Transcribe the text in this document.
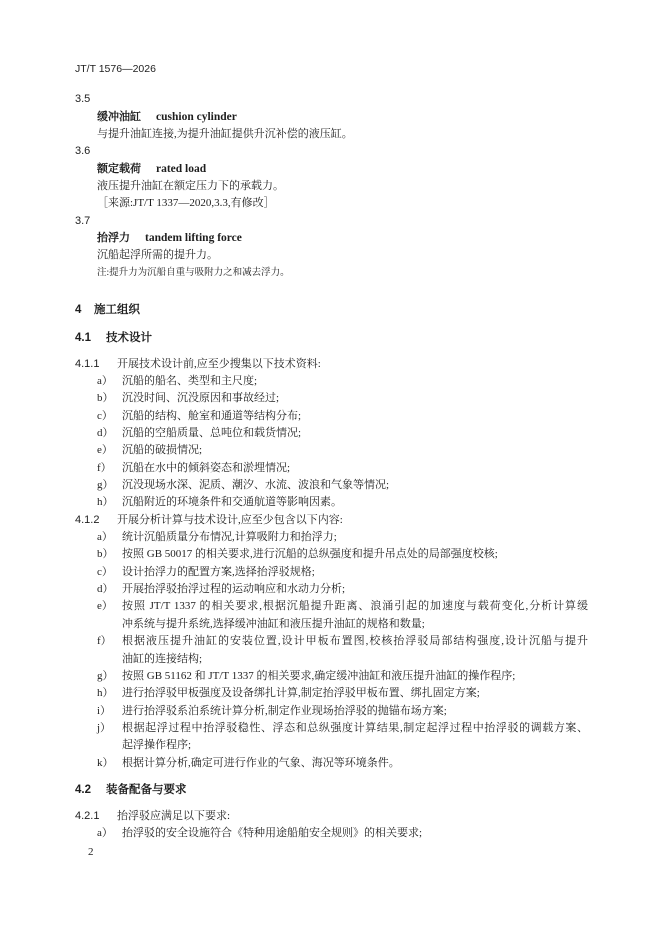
JT/T 1576—2026
3.5
缓冲油缸 cushion cylinder
与提升油缸连接,为提升油缸提供升沉补偿的液压缸。
3.6
额定载荷 rated load
液压提升油缸在额定压力下的承载力。
［来源:JT/T 1337—2020,3.3,有修改］
3.7
抬浮力 tandem lifting force
沉船起浮所需的提升力。
注:提升力为沉船自重与吸附力之和减去浮力。
4 施工组织
4.1 技术设计
4.1.1 开展技术设计前,应至少搜集以下技术资料:
a） 沉船的船名、类型和主尺度;
b） 沉没时间、沉没原因和事故经过;
c） 沉船的结构、舱室和通道等结构分布;
d） 沉船的空船质量、总吨位和载货情况;
e） 沉船的破损情况;
f） 沉船在水中的倾斜姿态和淤埋情况;
g） 沉没现场水深、泥质、潮汐、水流、波浪和气象等情况;
h） 沉船附近的环境条件和交通航道等影响因素。
4.1.2 开展分析计算与技术设计,应至少包含以下内容:
a） 统计沉船质量分布情况,计算吸附力和抬浮力;
b） 按照 GB 50017 的相关要求,进行沉船的总纵强度和提升吊点处的局部强度校核;
c） 设计抬浮力的配置方案,选择抬浮驳规格;
d） 开展抬浮驳抬浮过程的运动响应和水动力分析;
e） 按照 JT/T 1337 的相关要求,根据沉船提升距离、浪涌引起的加速度与载荷变化,分析计算缓
冲系统与提升系统,选择缓冲油缸和液压提升油缸的规格和数量;
f） 根据液压提升油缸的安装位置,设计甲板布置图,校核抬浮驳局部结构强度,设计沉船与提升
油缸的连接结构;
g） 按照 GB 51162 和 JT/T 1337 的相关要求,确定缓冲油缸和液压提升油缸的操作程序;
h） 进行抬浮驳甲板强度及设备绑扎计算,制定抬浮驳甲板布置、绑扎固定方案;
i） 进行抬浮驳系泊系统计算分析,制定作业现场抬浮驳的抛锚布场方案;
j） 根据起浮过程中抬浮驳稳性、浮态和总纵强度计算结果,制定起浮过程中抬浮驳的调载方案、
起浮操作程序;
k） 根据计算分析,确定可进行作业的气象、海况等环境条件。
4.2 装备配备与要求
4.2.1 抬浮驳应满足以下要求:
a） 抬浮驳的安全设施符合《特种用途船舶安全规则》的相关要求;
2
